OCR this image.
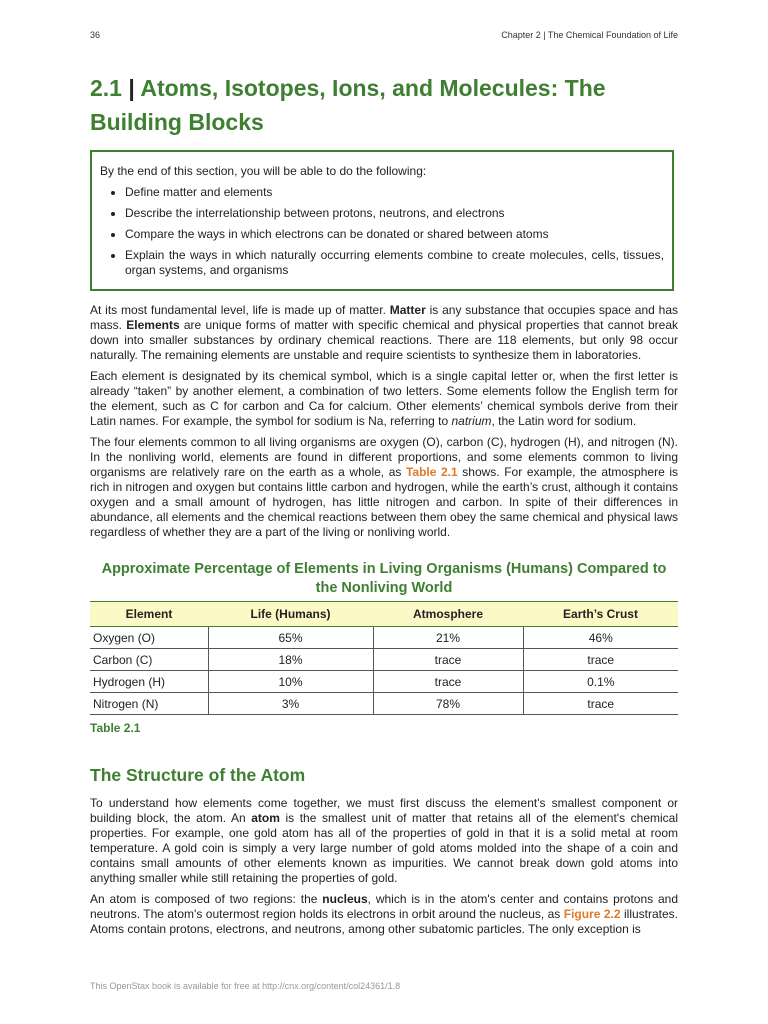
36	Chapter 2 | The Chemical Foundation of Life
2.1 | Atoms, Isotopes, Ions, and Molecules: The Building Blocks
By the end of this section, you will be able to do the following:
• Define matter and elements
• Describe the interrelationship between protons, neutrons, and electrons
• Compare the ways in which electrons can be donated or shared between atoms
• Explain the ways in which naturally occurring elements combine to create molecules, cells, tissues, organ systems, and organisms

At its most fundamental level, life is made up of matter. Matter is any substance that occupies space and has mass. Elements are unique forms of matter with specific chemical and physical properties that cannot break down into smaller substances by ordinary chemical reactions. There are 118 elements, but only 98 occur naturally. The remaining elements are unstable and require scientists to synthesize them in laboratories.

Each element is designated by its chemical symbol, which is a single capital letter or, when the first letter is already “taken” by another element, a combination of two letters. Some elements follow the English term for the element, such as C for carbon and Ca for calcium. Other elements’ chemical symbols derive from their Latin names. For example, the symbol for sodium is Na, referring to natrium, the Latin word for sodium.

The four elements common to all living organisms are oxygen (O), carbon (C), hydrogen (H), and nitrogen (N). In the nonliving world, elements are found in different proportions, and some elements common to living organisms are relatively rare on the earth as a whole, as Table 2.1 shows. For example, the atmosphere is rich in nitrogen and oxygen but contains little carbon and hydrogen, while the earth’s crust, although it contains oxygen and a small amount of hydrogen, has little nitrogen and carbon. In spite of their differences in abundance, all elements and the chemical reactions between them obey the same chemical and physical laws regardless of whether they are a part of the living or nonliving world.

Approximate Percentage of Elements in Living Organisms (Humans) Compared to the Nonliving World
Element	Life (Humans)	Atmosphere	Earth’s Crust
Oxygen (O)	65%	21%	46%
Carbon (C)	18%	trace	trace
Hydrogen (H)	10%	trace	0.1%
Nitrogen (N)	3%	78%	trace
Table 2.1
The Structure of the Atom

To understand how elements come together, we must first discuss the element's smallest component or building block, the atom. An atom is the smallest unit of matter that retains all of the element's chemical properties. For example, one gold atom has all of the properties of gold in that it is a solid metal at room temperature. A gold coin is simply a very large number of gold atoms molded into the shape of a coin and contains small amounts of other elements known as impurities. We cannot break down gold atoms into anything smaller while still retaining the properties of gold.

An atom is composed of two regions: the nucleus, which is in the atom's center and contains protons and neutrons. The atom's outermost region holds its electrons in orbit around the nucleus, as Figure 2.2 illustrates. Atoms contain protons, electrons, and neutrons, among other subatomic particles. The only exception is

This OpenStax book is available for free at http://cnx.org/content/col24361/1.8
